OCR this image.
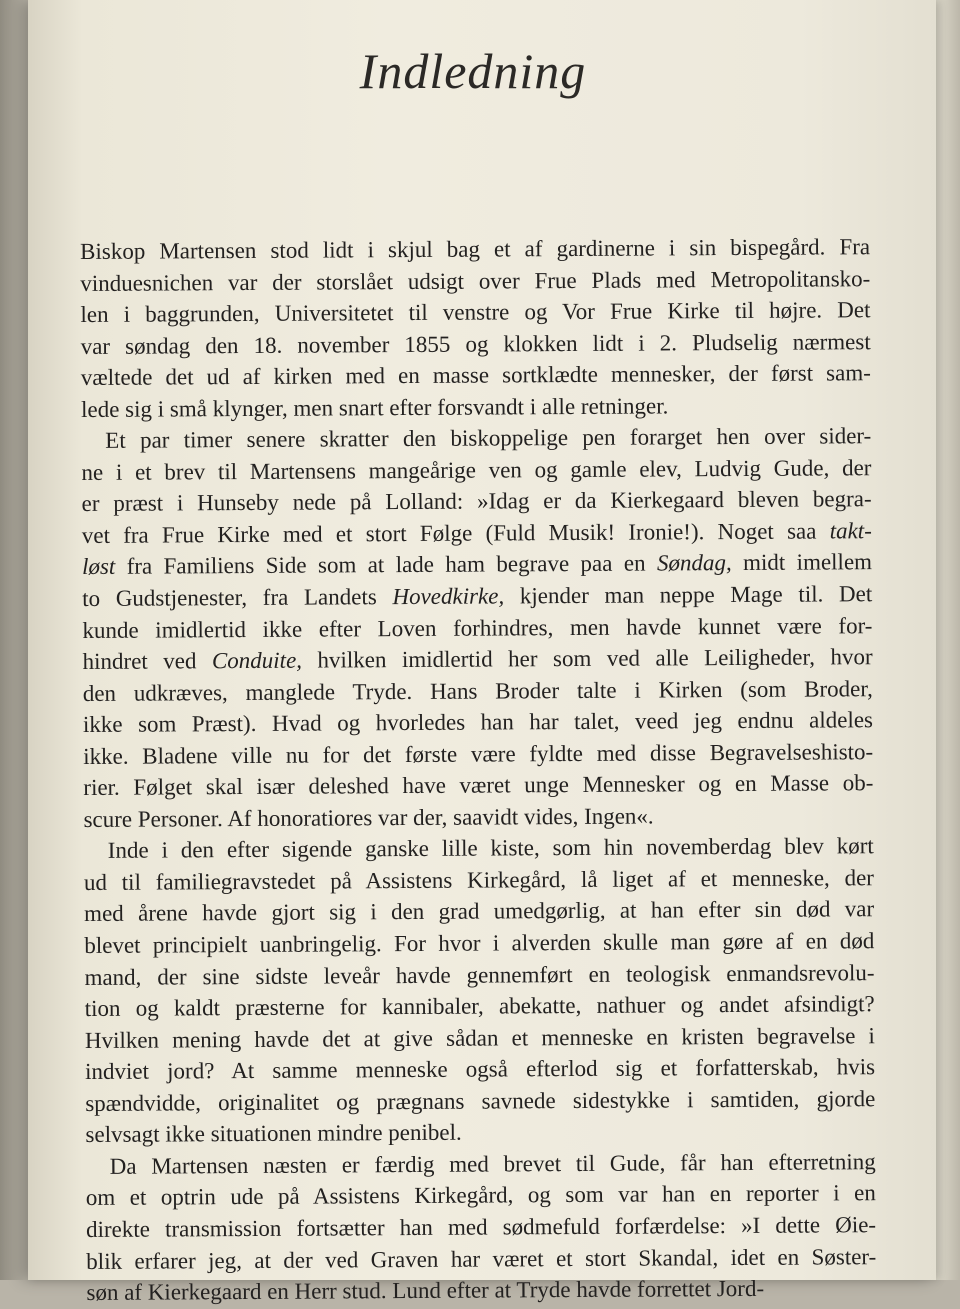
Indledning
Biskop Martensen stod lidt i skjul bag et af gardinerne i sin bispegård. Fra
vinduesnichen var der storslået udsigt over Frue Plads med Metropolitansko-
len i baggrunden, Universitetet til venstre og Vor Frue Kirke til højre. Det
var søndag den 18. november 1855 og klokken lidt i 2. Pludselig nærmest
væltede det ud af kirken med en masse sortklædte mennesker, der først sam-
lede sig i små klynger, men snart efter forsvandt i alle retninger.
Et par timer senere skratter den biskoppelige pen forarget hen over sider-
ne i et brev til Martensens mangeårige ven og gamle elev, Ludvig Gude, der
er præst i Hunseby nede på Lolland: »Idag er da Kierkegaard bleven begra-
vet fra Frue Kirke med et stort Følge (Fuld Musik! Ironie!). Noget saa takt-
løst fra Familiens Side som at lade ham begrave paa en Søndag, midt imellem
to Gudstjenester, fra Landets Hovedkirke, kjender man neppe Mage til. Det
kunde imidlertid ikke efter Loven forhindres, men havde kunnet være for-
hindret ved Conduite, hvilken imidlertid her som ved alle Leiligheder, hvor
den udkræves, manglede Tryde. Hans Broder talte i Kirken (som Broder,
ikke som Præst). Hvad og hvorledes han har talet, veed jeg endnu aldeles
ikke. Bladene ville nu for det første være fyldte med disse Begravelseshisto-
rier. Følget skal især deleshed have været unge Mennesker og en Masse ob-
scure Personer. Af honoratiores var der, saavidt vides, Ingen«.
Inde i den efter sigende ganske lille kiste, som hin novemberdag blev kørt
ud til familiegravstedet på Assistens Kirkegård, lå liget af et menneske, der
med årene havde gjort sig i den grad umedgørlig, at han efter sin død var
blevet principielt uanbringelig. For hvor i alverden skulle man gøre af en død
mand, der sine sidste leveår havde gennemført en teologisk enmandsrevolu-
tion og kaldt præsterne for kannibaler, abekatte, nathuer og andet afsindigt?
Hvilken mening havde det at give sådan et menneske en kristen begravelse i
indviet jord? At samme menneske også efterlod sig et forfatterskab, hvis
spændvidde, originalitet og prægnans savnede sidestykke i samtiden, gjorde
selvsagt ikke situationen mindre penibel.
Da Martensen næsten er færdig med brevet til Gude, får han efterretning
om et optrin ude på Assistens Kirkegård, og som var han en reporter i en
direkte transmission fortsætter han med sødmefuld forfærdelse: »I dette Øie-
blik erfarer jeg, at der ved Graven har været et stort Skandal, idet en Søster-
søn af Kierkegaard en Herr stud. Lund efter at Tryde havde forrettet Jord-
